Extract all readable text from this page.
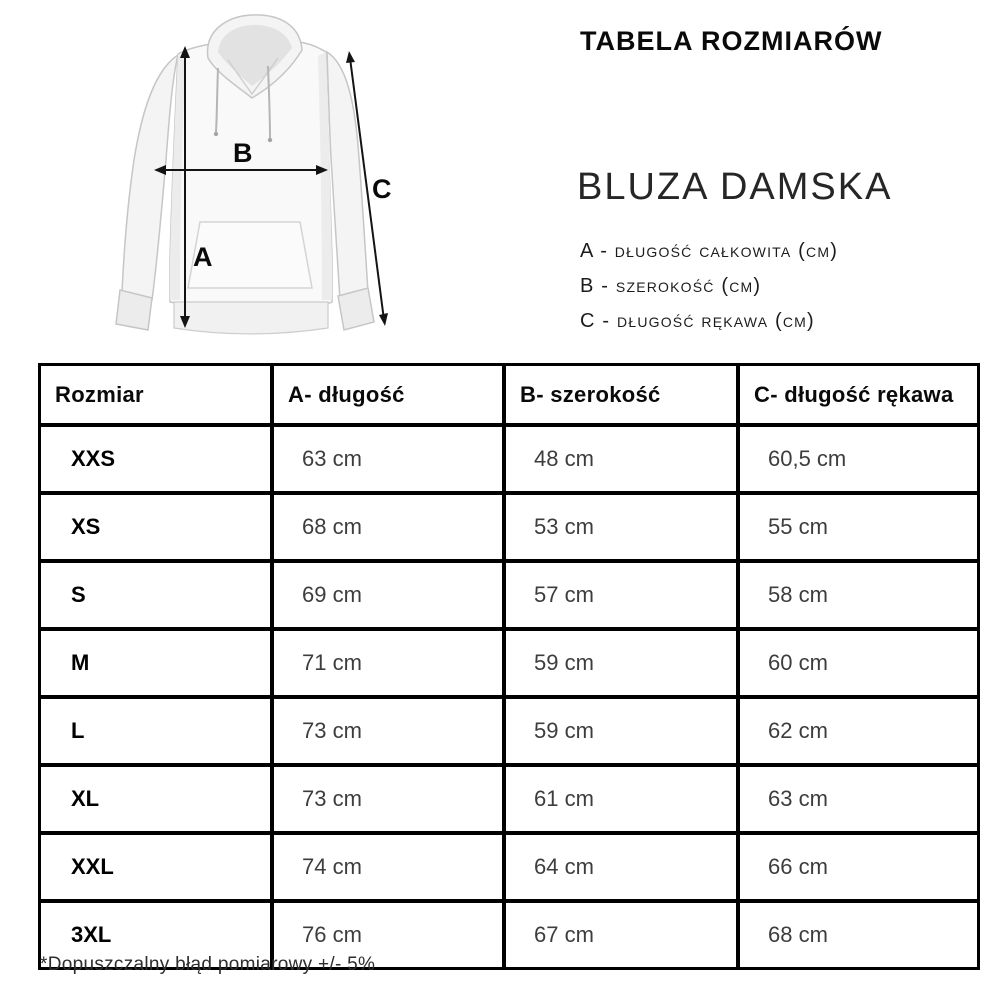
A
B
C
TABELA ROZMIARÓW
BLUZA DAMSKA
A - długość całkowita (cm)
B - szerokość (cm)
C - długość rękawa (cm)
Rozmiar	A- długość	B- szerokość	C- długość rękawa
XXS	63 cm	48 cm	60,5 cm
XS	68 cm	53 cm	55 cm
S	69 cm	57 cm	58 cm
M	71 cm	59 cm	60 cm
L	73 cm	59 cm	62 cm
XL	73 cm	61 cm	63 cm
XXL	74 cm	64 cm	66 cm
3XL	76 cm	67 cm	68 cm
*Dopuszczalny błąd pomiarowy +/- 5%
